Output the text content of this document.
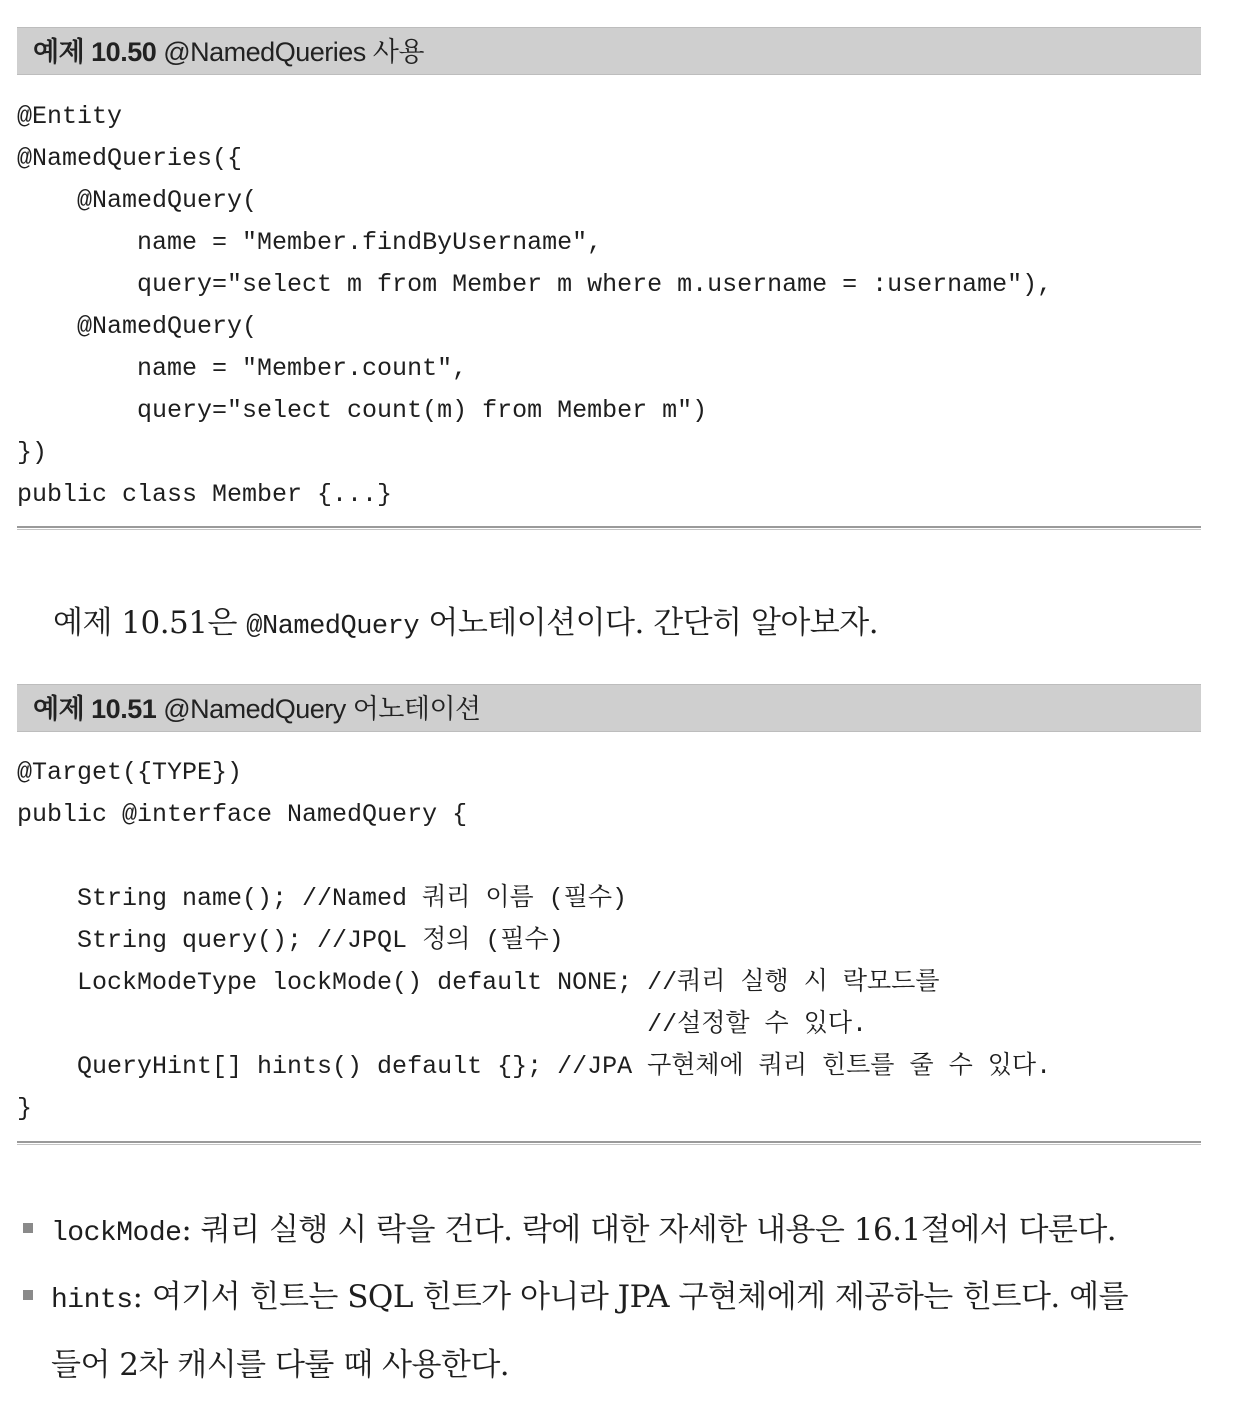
예제 10.50 @NamedQueries 사용
@Entity
@NamedQueries({
@NamedQuery(
name = "Member.findByUsername",
query="select m from Member m where m.username = :username"),
@NamedQuery(
name = "Member.count",
query="select count(m) from Member m")
})
public class Member {...}
예제 10.51은 @NamedQuery 어노테이션이다. 간단히 알아보자.
예제 10.51 @NamedQuery 어노테이션
@Target({TYPE})
public @interface NamedQuery {
String name(); //Named 쿼리 이름 (필수)
String query(); //JPQL 정의 (필수)
LockModeType lockMode() default NONE; //쿼리 실행 시 락모드를
//설정할 수 있다.
QueryHint[] hints() default {}; //JPA 구현체에 쿼리 힌트를 줄 수 있다.
}
lockMode: 쿼리 실행 시 락을 건다. 락에 대한 자세한 내용은 16.1절에서 다룬다.
hints: 여기서 힌트는 SQL 힌트가 아니라 JPA 구현체에게 제공하는 힌트다. 예를
들어 2차 캐시를 다룰 때 사용한다.
